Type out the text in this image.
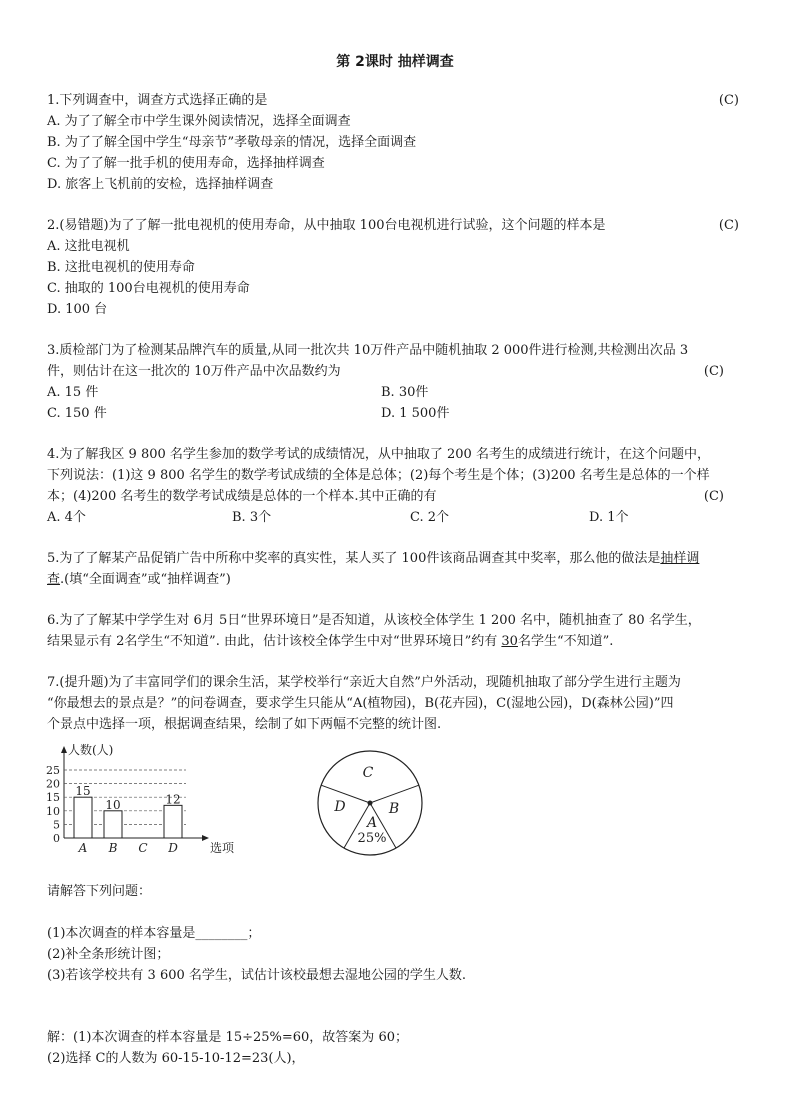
第 2课时 抽样调查
1.下列调查中，调查方式选择正确的是	(C)
A. 为了了解全市中学生课外阅读情况，选择全面调查
B. 为了了解全国中学生“母亲节”孝敬母亲的情况，选择全面调查
C. 为了了解一批手机的使用寿命，选择抽样调查
D. 旅客上飞机前的安检，选择抽样调查
2.(易错题)为了了解一批电视机的使用寿命，从中抽取 100台电视机进行试验，这个问题的样本是	(C)
A. 这批电视机
B. 这批电视机的使用寿命
C. 抽取的 100台电视机的使用寿命
D. 100 台
3.质检部门为了检测某品牌汽车的质量,从同一批次共 10万件产品中随机抽取 2 000件进行检测,共检测出次品 3
件，则估计在这一批次的 10万件产品中次品数约为	(C)
A. 15 件	B. 30件
C. 150 件	D. 1 500件
4.为了解我区 9 800 名学生参加的数学考试的成绩情况，从中抽取了 200 名考生的成绩进行统计，在这个问题中，
下列说法：(1)这 9 800 名学生的数学考试成绩的全体是总体；(2)每个考生是个体；(3)200 名考生是总体的一个样
本；(4)200 名考生的数学考试成绩是总体的一个样本.其中正确的有	(C)
A. 4个	B. 3个	C. 2个	D. 1个
5.为了了解某产品促销广告中所称中奖率的真实性，某人买了 100件该商品调查其中奖率，那么他的做法是抽样调
查.(填“全面调查”或“抽样调查”)
6.为了了解某中学学生对 6月 5日“世界环境日”是否知道，从该校全体学生 1 200 名中，随机抽查了 80 名学生，
结果显示有 2名学生“不知道”. 由此，估计该校全体学生中对“世界环境日”约有 30名学生“不知道”.
7.(提升题)为了丰富同学们的课余生活，某学校举行“亲近大自然”户外活动，现随机抽取了部分学生进行主题为
“你最想去的景点是？”的问卷调查，要求学生只能从“A(植物园)，B(花卉园)，C(湿地公园)，D(森林公园)”四
个景点中选择一项，根据调查结果，绘制了如下两幅不完整的统计图.
人数(人)
选项
0
5
10
15
20
25
15
A
10
B C
12
D
C
D	B
A
25%
请解答下列问题：
(1)本次调查的样本容量是________；
(2)补全条形统计图；
(3)若该学校共有 3 600 名学生，试估计该校最想去湿地公园的学生人数.
解：(1)本次调查的样本容量是 15÷25%=60，故答案为 60；
(2)选择 C的人数为 60-15-10-12=23(人)，
